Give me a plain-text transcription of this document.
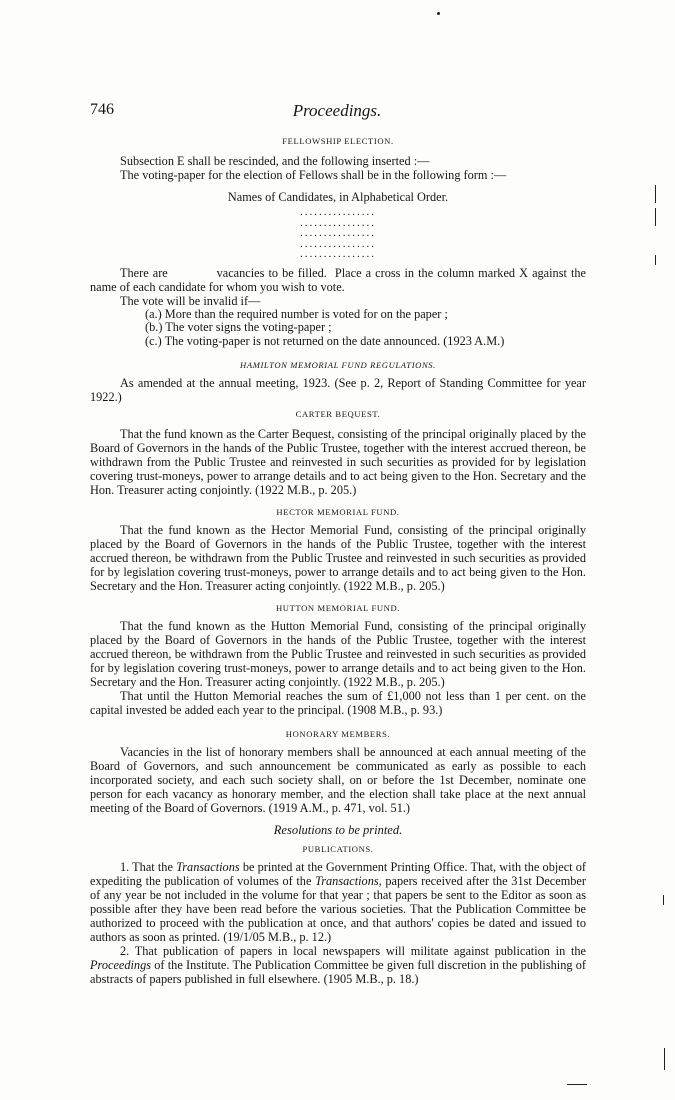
746	Proceedings.

FELLOWSHIP ELECTION.

Subsection E shall be rescinded, and the following inserted :—

The voting-paper for the election of Fellows shall be in the following form :—

Names of Candidates, in Alphabetical Order.

................
................
................
................
................

There are            vacancies to be filled.  Place a cross in the column marked X against the name of each candidate for whom you wish to vote.

The vote will be invalid if—

(a.) More than the required number is voted for on the paper ;
(b.) The voter signs the voting-paper ;
(c.) The voting-paper is not returned on the date announced. (1923 A.M.)

HAMILTON MEMORIAL FUND REGULATIONS.

As amended at the annual meeting, 1923. (See p. 2, Report of Standing Committee for year 1922.)

CARTER BEQUEST.

That the fund known as the Carter Bequest, consisting of the principal originally placed by the Board of Governors in the hands of the Public Trustee, together with the interest accrued thereon, be withdrawn from the Public Trustee and reinvested in such securities as provided for by legislation covering trust-moneys, power to arrange details and to act being given to the Hon. Secretary and the Hon. Treasurer acting conjointly. (1922 M.B., p. 205.)

HECTOR MEMORIAL FUND.

That the fund known as the Hector Memorial Fund, consisting of the principal originally placed by the Board of Governors in the hands of the Public Trustee, together with the interest accrued thereon, be withdrawn from the Public Trustee and reinvested in such securities as provided for by legislation covering trust-moneys, power to arrange details and to act being given to the Hon. Secretary and the Hon. Treasurer acting conjointly. (1922 M.B., p. 205.)

HUTTON MEMORIAL FUND.

That the fund known as the Hutton Memorial Fund, consisting of the principal originally placed by the Board of Governors in the hands of the Public Trustee, together with the interest accrued thereon, be withdrawn from the Public Trustee and reinvested in such securities as provided for by legislation covering trust-moneys, power to arrange details and to act being given to the Hon. Secretary and the Hon. Treasurer acting conjointly. (1922 M.B., p. 205.)

That until the Hutton Memorial reaches the sum of £1,000 not less than 1 per cent. on the capital invested be added each year to the principal. (1908 M.B., p. 93.)

HONORARY MEMBERS.

Vacancies in the list of honorary members shall be announced at each annual meeting of the Board of Governors, and such announcement be communicated as early as possible to each incorporated society, and each such society shall, on or before the 1st December, nominate one person for each vacancy as honorary member, and the election shall take place at the next annual meeting of the Board of Governors. (1919 A.M., p. 471, vol. 51.)

Resolutions to be printed.

PUBLICATIONS.

1. That the Transactions be printed at the Government Printing Office. That, with the object of expediting the publication of volumes of the Transactions, papers received after the 31st December of any year be not included in the volume for that year ; that papers be sent to the Editor as soon as possible after they have been read before the various societies. That the Publication Committee be authorized to proceed with the publication at once, and that authors' copies be dated and issued to authors as soon as printed. (19/1/05 M.B., p. 12.)

2. That publication of papers in local newspapers will militate against publication in the Proceedings of the Institute. The Publication Committee be given full discretion in the publishing of abstracts of papers published in full elsewhere. (1905 M.B., p. 18.)
